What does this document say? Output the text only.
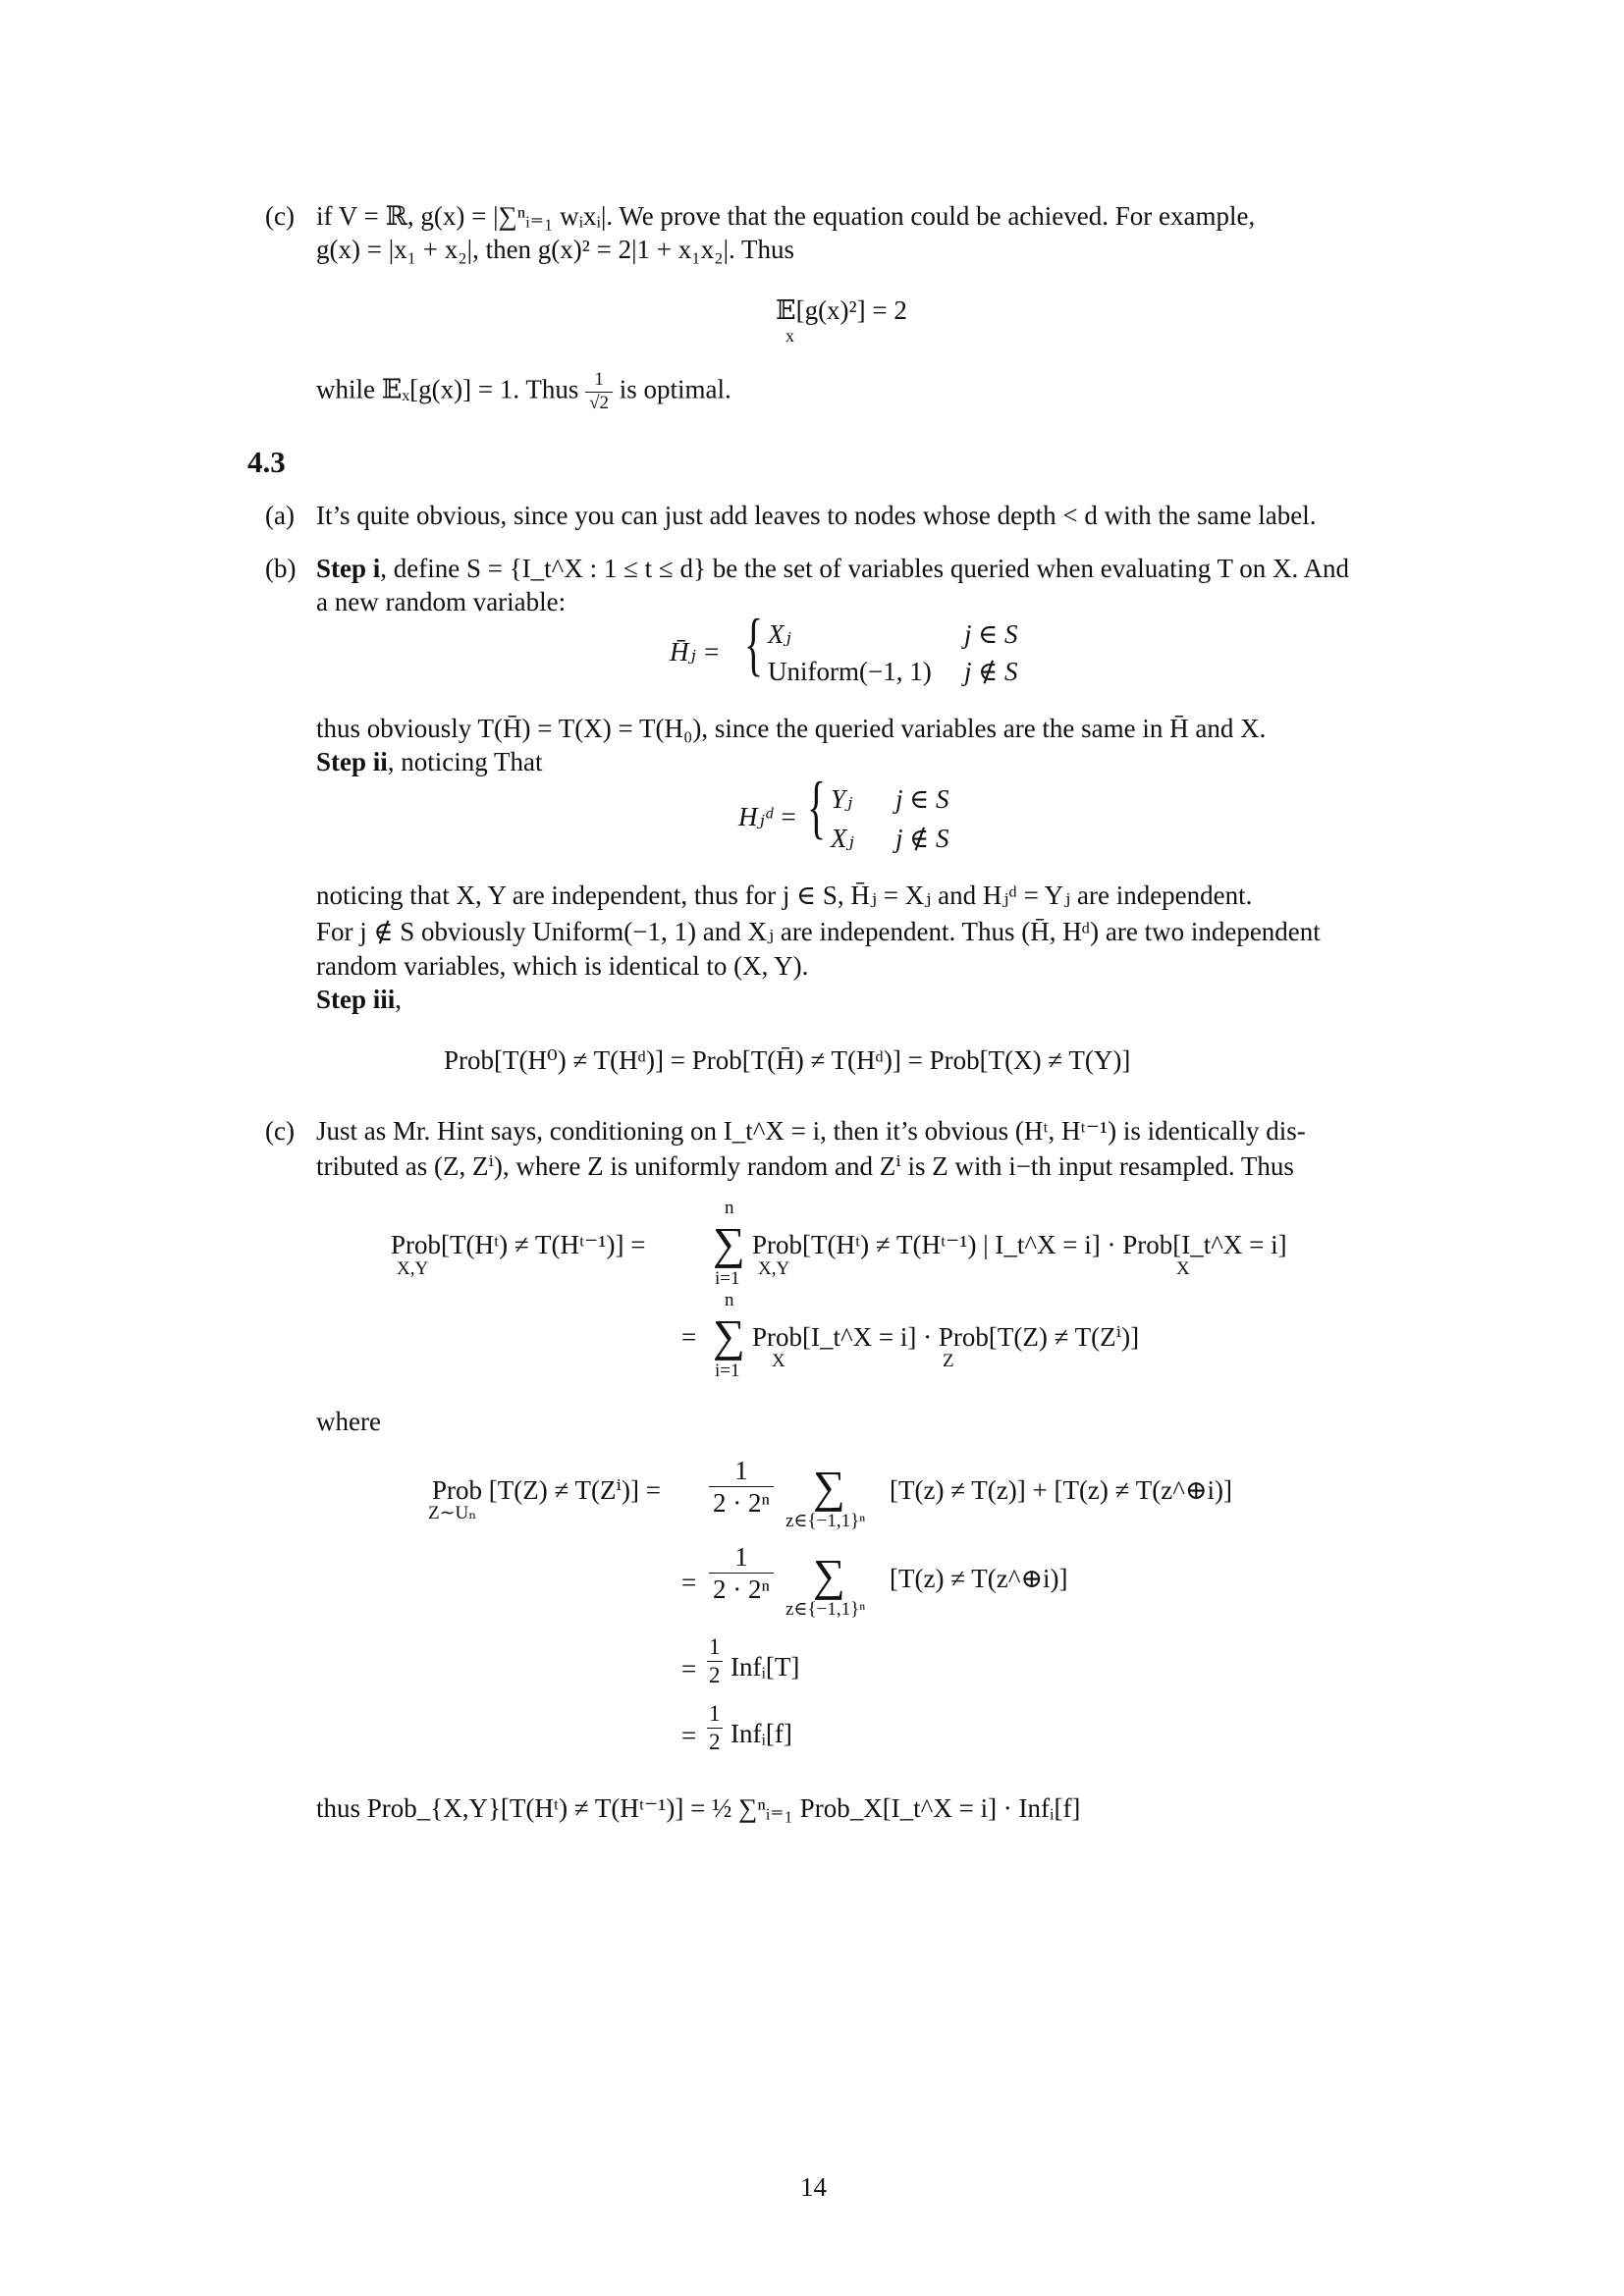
(c) if V = ℝ, g(x) = |∑ⁿᵢ₌₁ wᵢxᵢ|. We prove that the equation could be achieved. For example,
g(x) = |x₁ + x₂|, then g(x)² = 2|1 + x₁x₂|. Thus
𝔼[g(x)²] = 2
x
while 𝔼ₓ[g(x)] = 1. Thus $\frac{1}{√2}$ is optimal.
4.3
(a) It’s quite obvious, since you can just add leaves to nodes whose depth < d with the same label.
(b) Step i, define S = {I_t^X : 1 ≤ t ≤ d} be the set of variables queried when evaluating T on X. And
a new random variable:
H̄ⱼ = { Xⱼ	j ∈ S
Uniform(−1, 1) j ∉ S
thus obviously T(H̄) = T(X) = T(H₀), since the queried variables are the same in H̄ and X.
Step ii, noticing That
Hⱼᵈ = { Yⱼ j ∈ S
Xⱼ j ∉ S
noticing that X, Y are independent, thus for j ∈ S, H̄ⱼ = Xⱼ and Hⱼᵈ = Yⱼ are independent.
For j ∉ S obviously Uniform(−1, 1) and Xⱼ are independent. Thus (H̄, Hᵈ) are two independent
random variables, which is identical to (X, Y).
Step iii,
Prob[T(H⁰) ≠ T(Hᵈ)] = Prob[T(H̄) ≠ T(Hᵈ)] = Prob[T(X) ≠ T(Y)]
(c) Just as Mr. Hint says, conditioning on I_t^X = i, then it’s obvious (Hᵗ, Hᵗ⁻¹) is identically dis-
tributed as (Z, Zⁱ), where Z is uniformly random and Zⁱ is Z with i−th input resampled. Thus
Prob[T(Hᵗ) ≠ T(Hᵗ⁻¹)] =
X,Y
∑
n
i=1
Prob[T(Hᵗ) ≠ T(Hᵗ⁻¹) | I_t^X = i] · Prob[I_t^X = i]
X,Y	X
= ∑
n
i=1
Prob[I_t^X = i] · Prob[T(Z) ≠ T(Zⁱ)]
X	Z
where
Prob [T(Z) ≠ T(Zⁱ)] =
Z∼Uₙ	$\frac{1}{\text{2 · 2ⁿ}}$ ∑
z∈{−1,1}ⁿ
[T(z) ≠ T(z)] + [T(z) ≠ T(z^⊕i)]
= $\frac{1}{\text{2 · 2ⁿ}}$ ∑
z∈{−1,1}ⁿ
[T(z) ≠ T(z^⊕i)]
= $\frac{1}{2}$ Infᵢ[T]
= $\frac{1}{2}$ Infᵢ[f]
thus Prob_{X,Y}[T(Hᵗ) ≠ T(Hᵗ⁻¹)] = ½ ∑ⁿᵢ₌₁ Prob_X[I_t^X = i] · Infᵢ[f]
14
